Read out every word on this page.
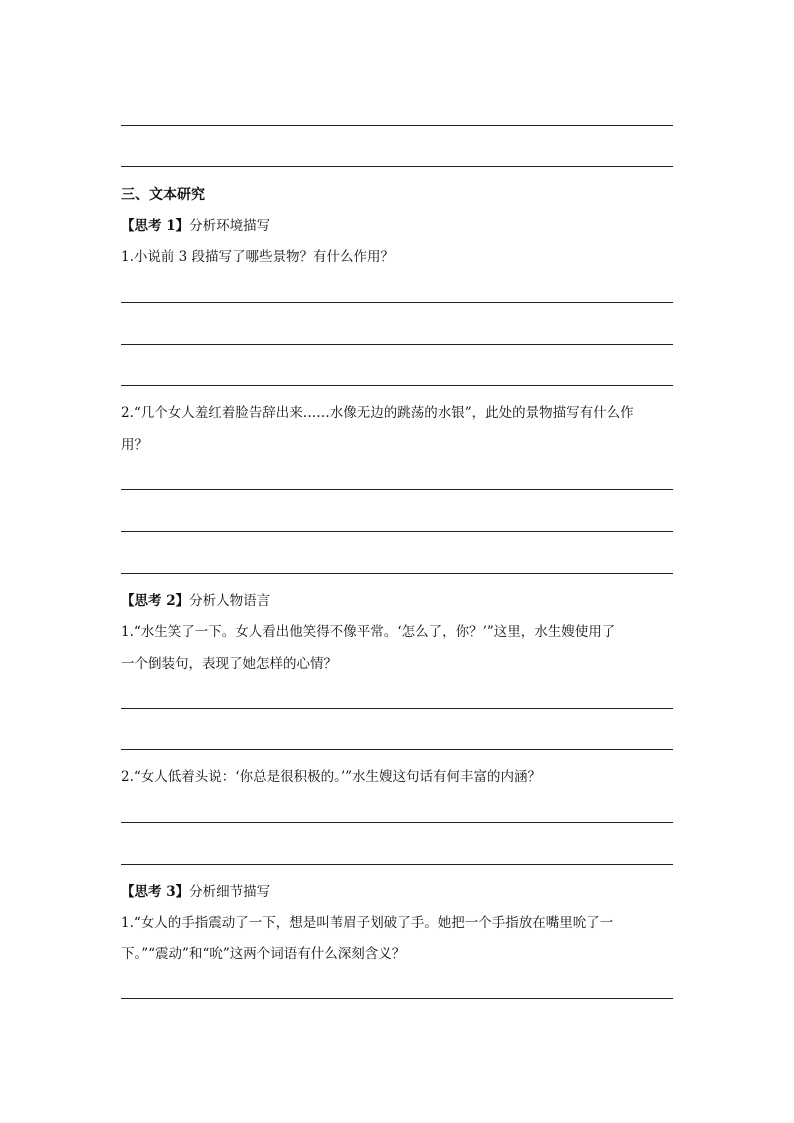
三、文本研究
【思考 1】分析环境描写
1.小说前 3 段描写了哪些景物？有什么作用？
2.“几个女人羞红着脸告辞出来……水像无边的跳荡的水银”，此处的景物描写有什么作
用？
【思考 2】分析人物语言
1.“水生笑了一下。女人看出他笑得不像平常。‘怎么了，你？’”这里，水生嫂使用了
一个倒装句，表现了她怎样的心情？
2.“女人低着头说：‘你总是很积极的。’”水生嫂这句话有何丰富的内涵？
【思考 3】分析细节描写
1.“女人的手指震动了一下，想是叫苇眉子划破了手。她把一个手指放在嘴里吮了一
下。”“震动”和“吮”这两个词语有什么深刻含义？
